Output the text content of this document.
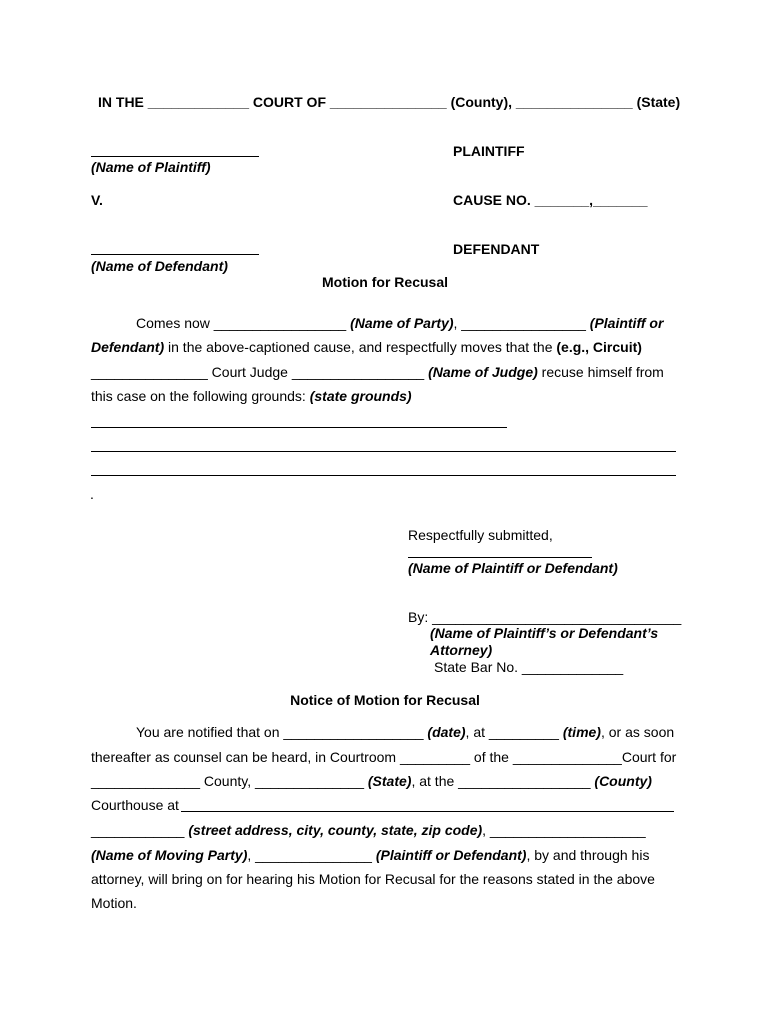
IN THE _____________ COURT OF _______________ (County), _______________ (State)
(Name of Plaintiff)
PLAINTIFF
V.	CAUSE NO. _______,_______
(Name of Defendant)
DEFENDANT
Motion for Recusal
Comes now _________________ (Name of Party), ________________ (Plaintiff or
Defendant) in the above-captioned cause, and respectfully moves that the (e.g., Circuit)
_______________ Court Judge _________________ (Name of Judge) recuse himself from
this case on the following grounds: (state grounds)
.
Respectfully submitted,
(Name of Plaintiff or Defendant)
By: ________________________________
(Name of Plaintiff’s or Defendant’s
Attorney)
State Bar No. _____________
Notice of Motion for Recusal
You are notified that on __________________ (date), at _________ (time), or as soon
thereafter as counsel can be heard, in Courtroom _________ of the ______________Court for
______________ County, ______________ (State), at the _________________ (County)
Courthouse at
____________ (street address, city, county, state, zip code), ____________________
(Name of Moving Party), _______________ (Plaintiff or Defendant), by and through his
attorney, will bring on for hearing his Motion for Recusal for the reasons stated in the above
Motion.
